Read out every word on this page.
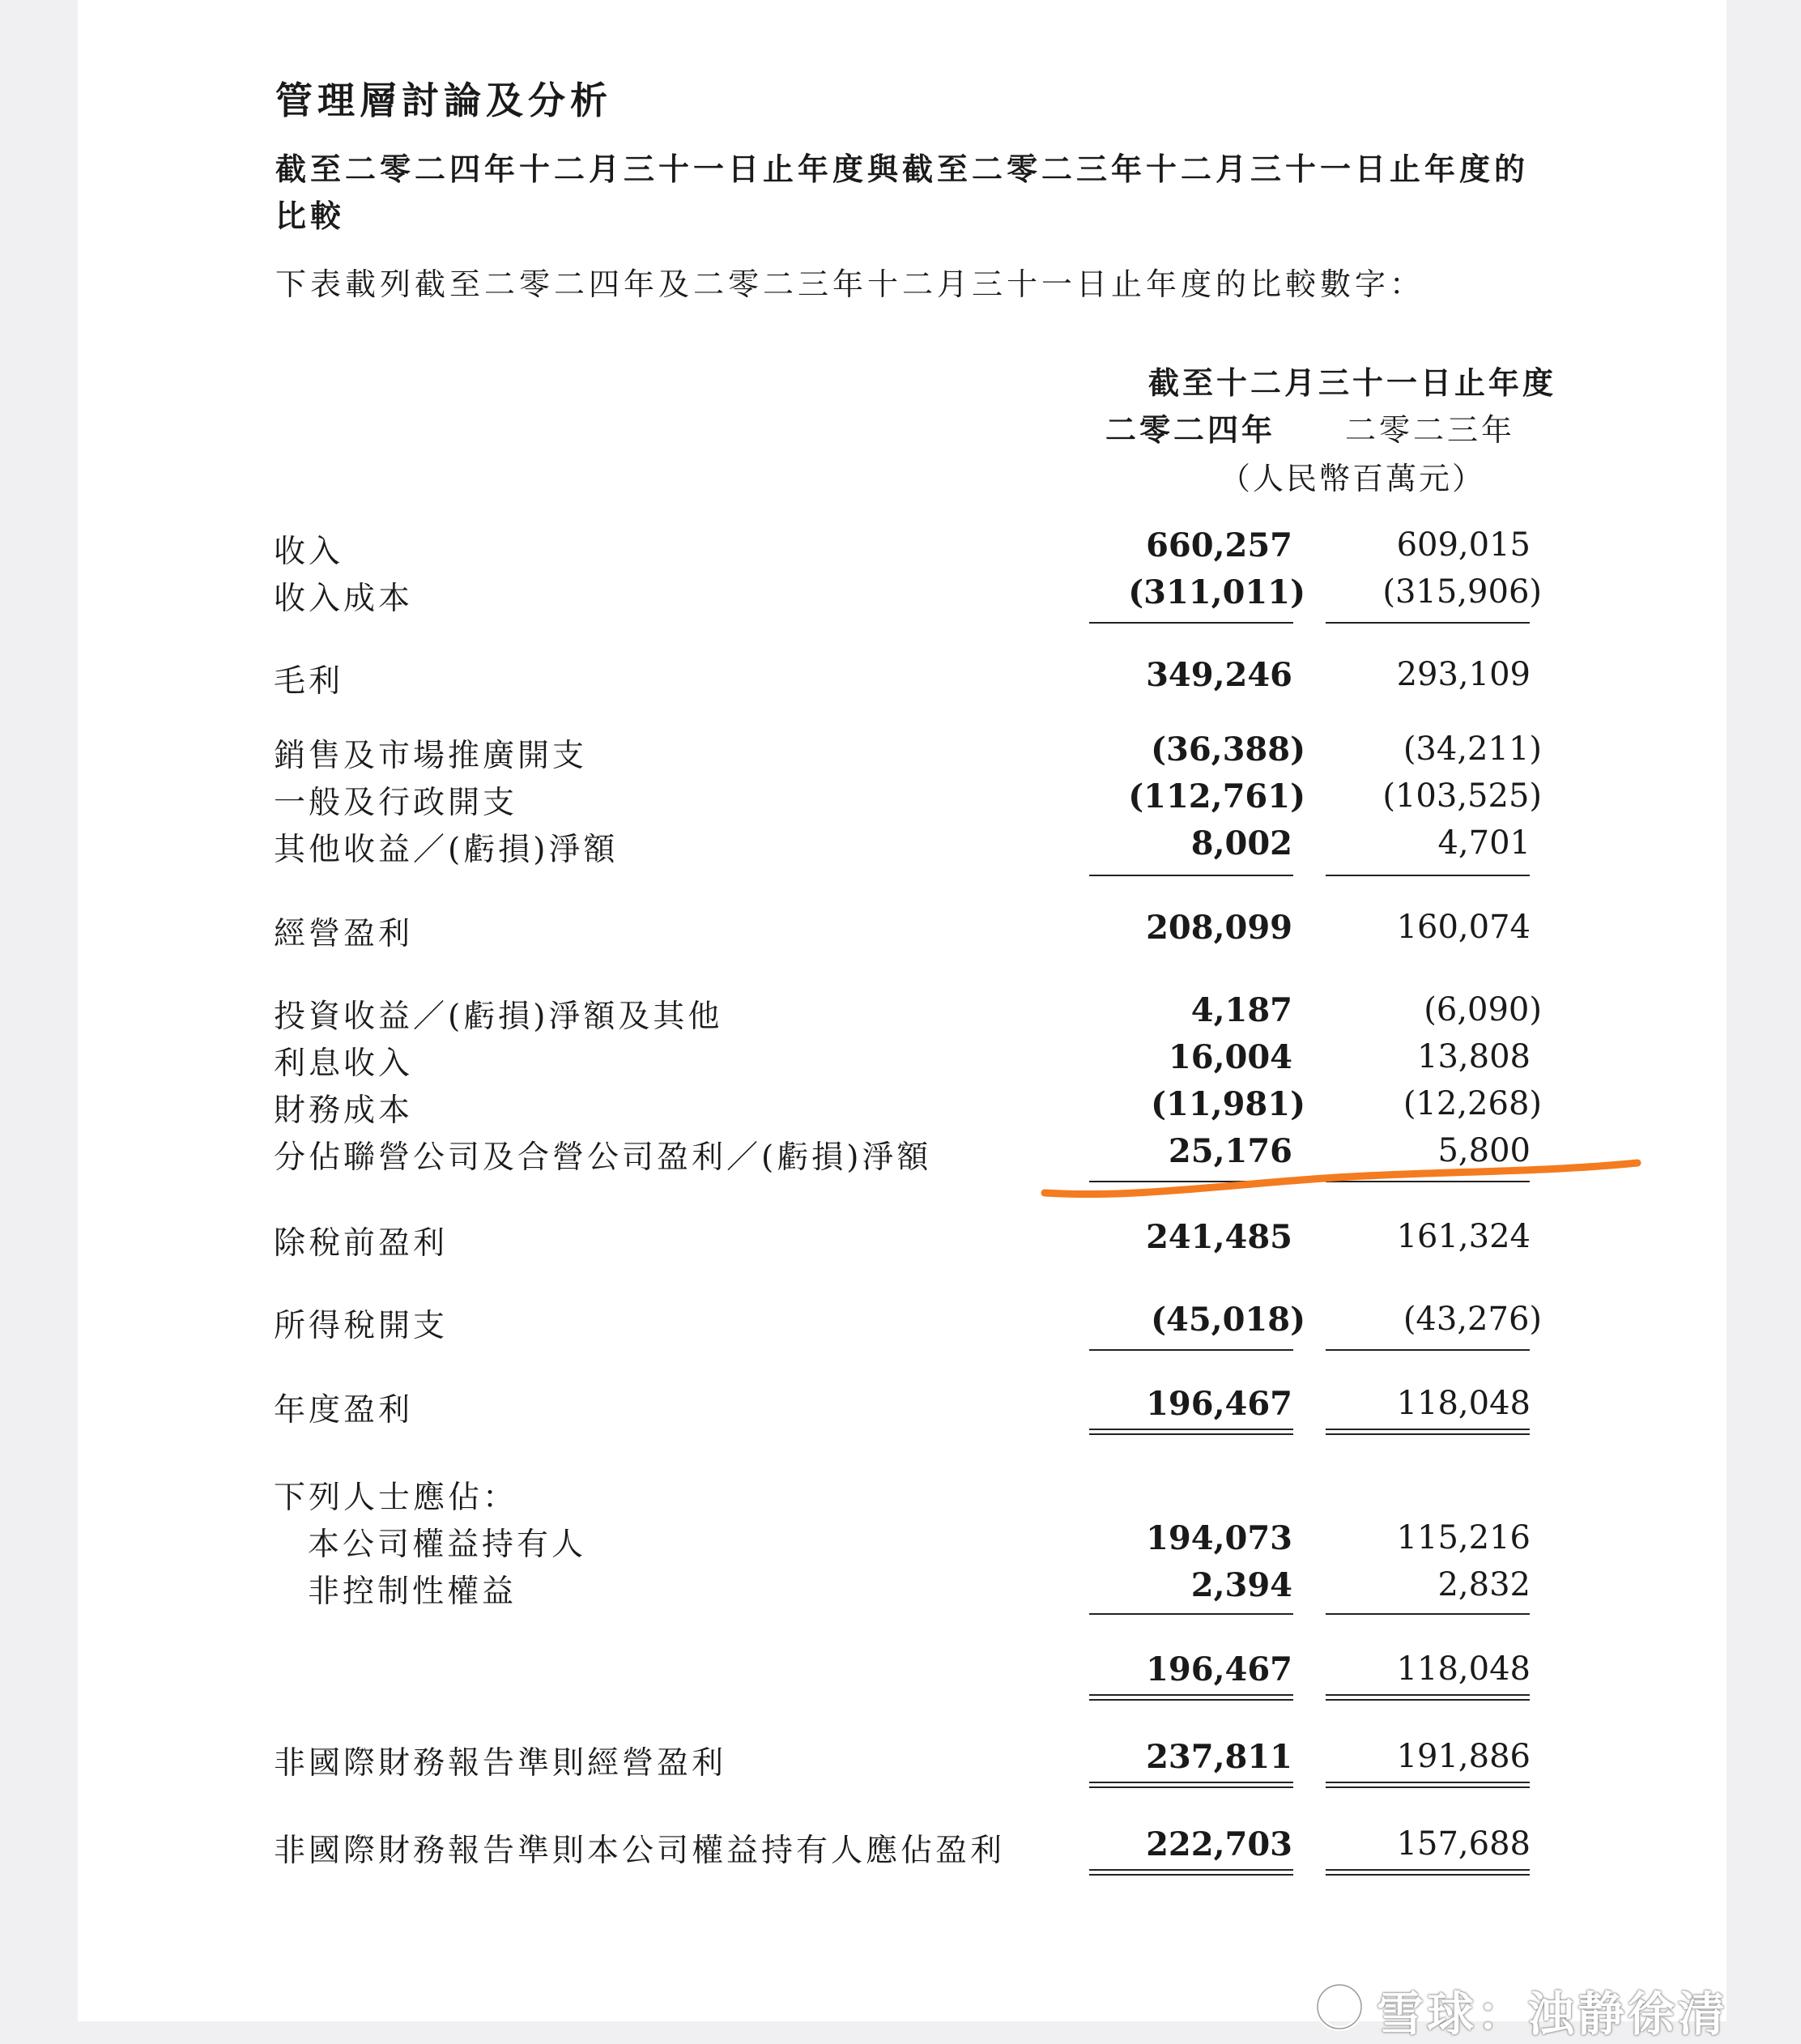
管理層討論及分析
截至二零二四年十二月三十一日止年度與截至二零二三年十二月三十一日止年度的
比較
下表載列截至二零二四年及二零二三年十二月三十一日止年度的比較數字：
截至十二月三十一日止年度
二零二四年	二零二三年
（人民幣百萬元）
收入	660,257	609,015
收入成本	(311,011)	(315,906)
毛利	349,246	293,109
銷售及市場推廣開支	(36,388)	(34,211)
一般及行政開支	(112,761)	(103,525)
其他收益／(虧損)淨額	8,002	4,701
經營盈利	208,099	160,074
投資收益／(虧損)淨額及其他	4,187	(6,090)
利息收入	16,004	13,808
財務成本	(11,981)	(12,268)
分佔聯營公司及合營公司盈利／(虧損)淨額	25,176	5,800
除稅前盈利	241,485	161,324
所得稅開支	(45,018)	(43,276)
年度盈利	196,467	118,048
下列人士應佔：
本公司權益持有人	194,073	115,216
非控制性權益	2,394	2,832
196,467	118,048
非國際財務報告準則經營盈利	237,811	191,886
非國際財務報告準則本公司權益持有人應佔盈利	222,703	157,688
雪球：浊静徐清
